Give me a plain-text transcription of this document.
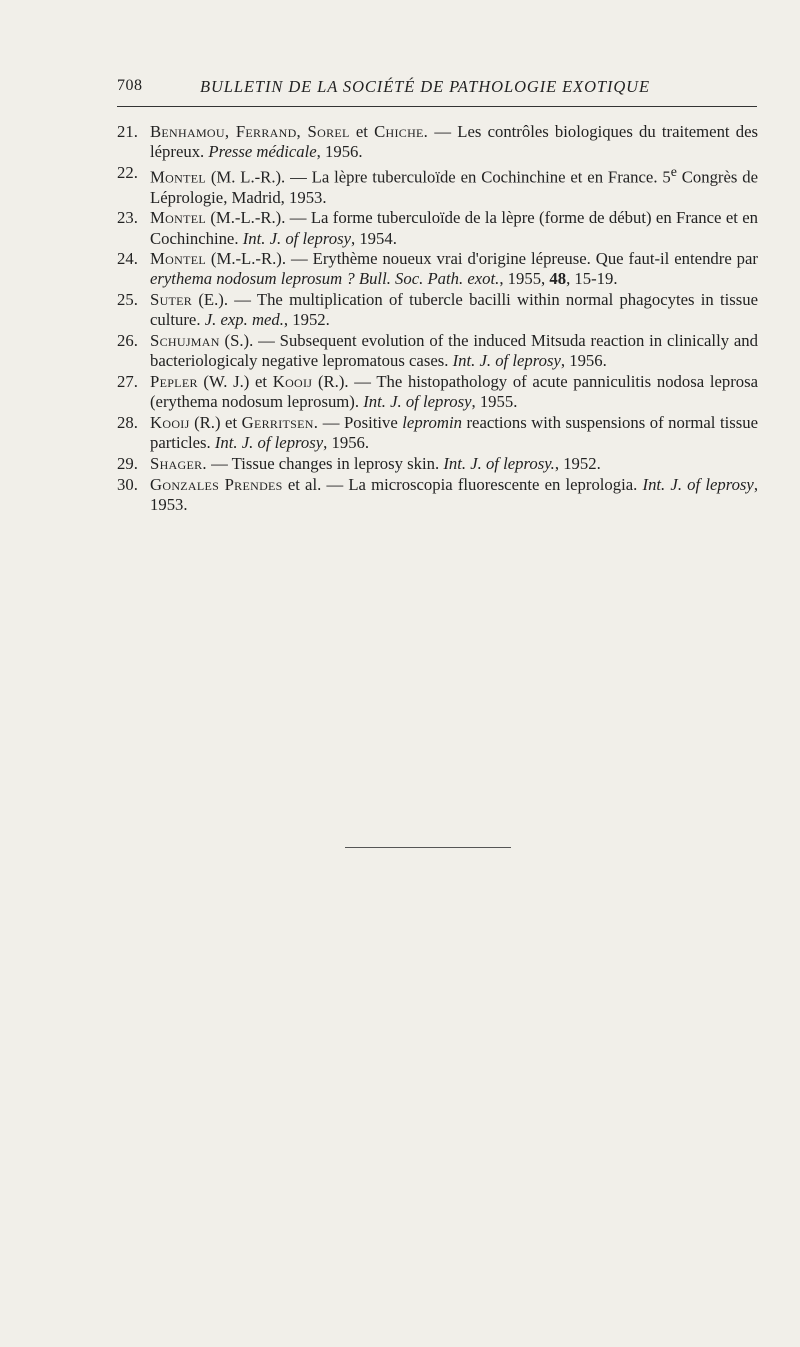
708	BULLETIN DE LA SOCIÉTÉ DE PATHOLOGIE EXOTIQUE
21. Benhamou, Ferrand, Sorel et Chiche. — Les contrôles biologiques du traitement des lépreux. Presse médicale, 1956.
22. Montel (M. L.-R.). — La lèpre tuberculoïde en Cochinchine et en France. 5e Congrès de Léprologie, Madrid, 1953.
23. Montel (M.-L.-R.). — La forme tuberculoïde de la lèpre (forme de début) en France et en Cochinchine. Int. J. of leprosy, 1954.
24. Montel (M.-L.-R.). — Erythème noueux vrai d'origine lépreuse. Que faut-il entendre par erythema nodosum leprosum ? Bull. Soc. Path. exot., 1955, 48, 15-19.
25. Suter (E.). — The multiplication of tubercle bacilli within normal phagocytes in tissue culture. J. exp. med., 1952.
26. Schujman (S.). — Subsequent evolution of the induced Mitsuda reaction in clinically and bacteriologicaly negative lepromatous cases. Int. J. of leprosy, 1956.
27. Pepler (W. J.) et Kooij (R.). — The histopathology of acute panniculitis nodosa leprosa (erythema nodosum leprosum). Int. J. of leprosy, 1955.
28. Kooij (R.) et Gerritsen. — Positive lepromin reactions with suspensions of normal tissue particles. Int. J. of leprosy, 1956.
29. Shager. — Tissue changes in leprosy skin. Int. J. of leprosy., 1952.
30. Gonzales Prendes et al. — La microscopia fluorescente en leprologia. Int. J. of leprosy, 1953.
